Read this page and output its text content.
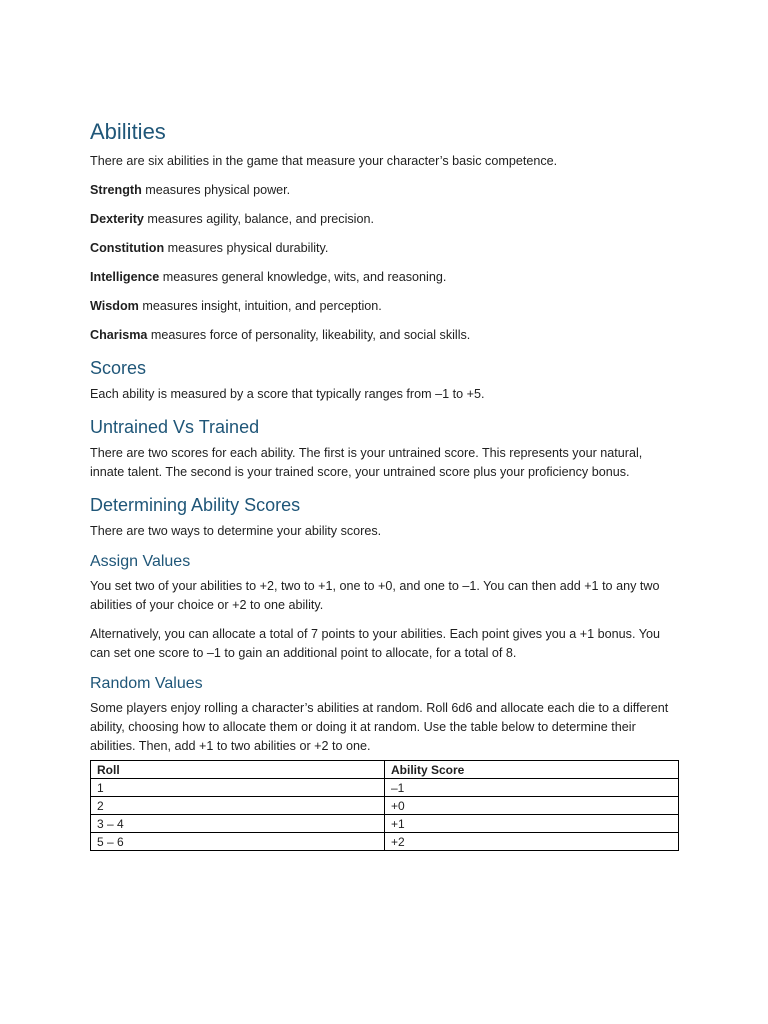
Abilities

There are six abilities in the game that measure your character’s basic competence.

Strength measures physical power.

Dexterity measures agility, balance, and precision.

Constitution measures physical durability.

Intelligence measures general knowledge, wits, and reasoning.

Wisdom measures insight, intuition, and perception.

Charisma measures force of personality, likeability, and social skills.

Scores

Each ability is measured by a score that typically ranges from –1 to +5.

Untrained Vs Trained

There are two scores for each ability. The first is your untrained score. This represents your natural, innate talent. The second is your trained score, your untrained score plus your proficiency bonus.

Determining Ability Scores

There are two ways to determine your ability scores.

Assign Values

You set two of your abilities to +2, two to +1, one to +0, and one to –1. You can then add +1 to any two abilities of your choice or +2 to one ability.

Alternatively, you can allocate a total of 7 points to your abilities. Each point gives you a +1 bonus. You can set one score to –1 to gain an additional point to allocate, for a total of 8.

Random Values

Some players enjoy rolling a character’s abilities at random. Roll 6d6 and allocate each die to a different ability, choosing how to allocate them or doing it at random. Use the table below to determine their abilities. Then, add +1 to two abilities or +2 to one.

Roll	Ability Score
1	–1
2	+0
3 – 4	+1
5 – 6	+2
